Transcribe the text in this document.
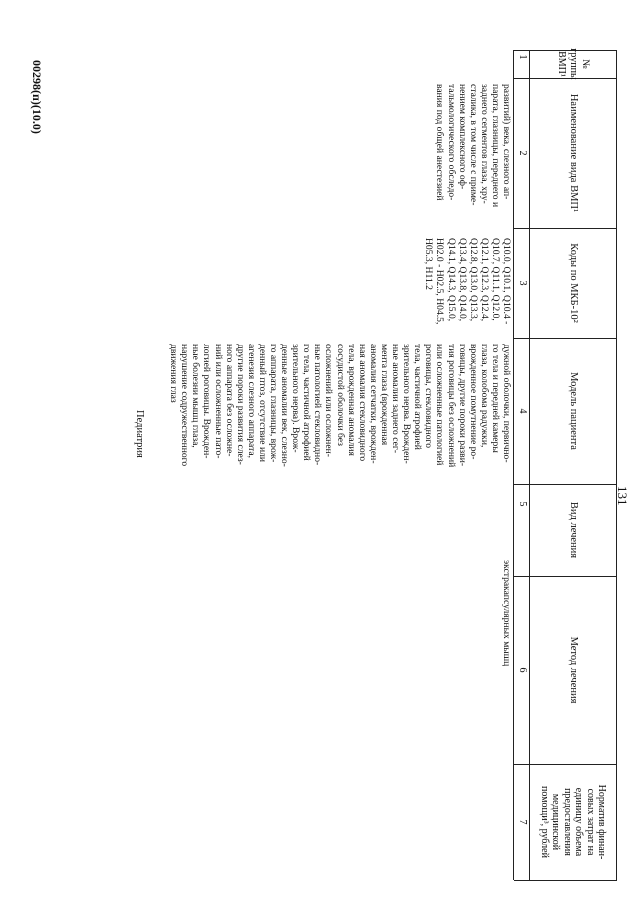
131
№
группы
ВМП¹
Наименование вида ВМП¹
Коды по МКБ-10²
Модель пациента
Вид лечения
Метод лечения
Норматив финан-
совых затрат на
единицу объема
предоставления
медицинской
помощи³, рублей
1
2
3
4
5
6
7
развитий) века, слезного ап-
парата, глазницы, переднего и
заднего сегментов глаза, хру-
сталика, в том числе с приме-
нением комплексного оф-
тальмологического обследо-
вания под общей анестезией
Q10.0, Q10.1, Q10.4 -
Q10.7, Q11.1, Q12.0,
Q12.1, Q12.3, Q12.4,
Q12.8, Q13.0, Q13.3,
Q13.4, Q13.8, Q14.0,
Q14.1, Q14.3, Q15.0,
H02.0 - H02.5, H04.5,
H05.3, H11.2
дужной оболочки, первично-
го тела и передней камеры
глаза, колобома радужки,
врожденное помутнение ро-
говицы, другие пороки разви-
тия роговицы без осложнений
или осложненные патологией
роговицы, стекловидного
тела, частичной атрофией
зрительного нерва. Врожден-
ные аномалии заднего сег-
мента глаза (врожденная
аномалия сетчатки, врожден-
ная аномалия стекловидного
тела, врожденная аномалия
сосудистой оболочки без
осложнений или осложнен-
ные патологией стекловидно-
го тела, частичной атрофией
зрительного нерва). Врож-
денные аномалии век, слезно-
го аппарата, глазницы, врож-
денный птоз, отсутствие или
агенезия слезного аппарата,
другие пороки развития слез-
ного аппарата без осложне-
ний или осложненные пато-
логией роговицы. Врожден-
ные болезни мышц глаза,
нарушение содружественного
движения глаз
экстракапсулярных мышц
Педиатрия
00298(п)(10.0)
